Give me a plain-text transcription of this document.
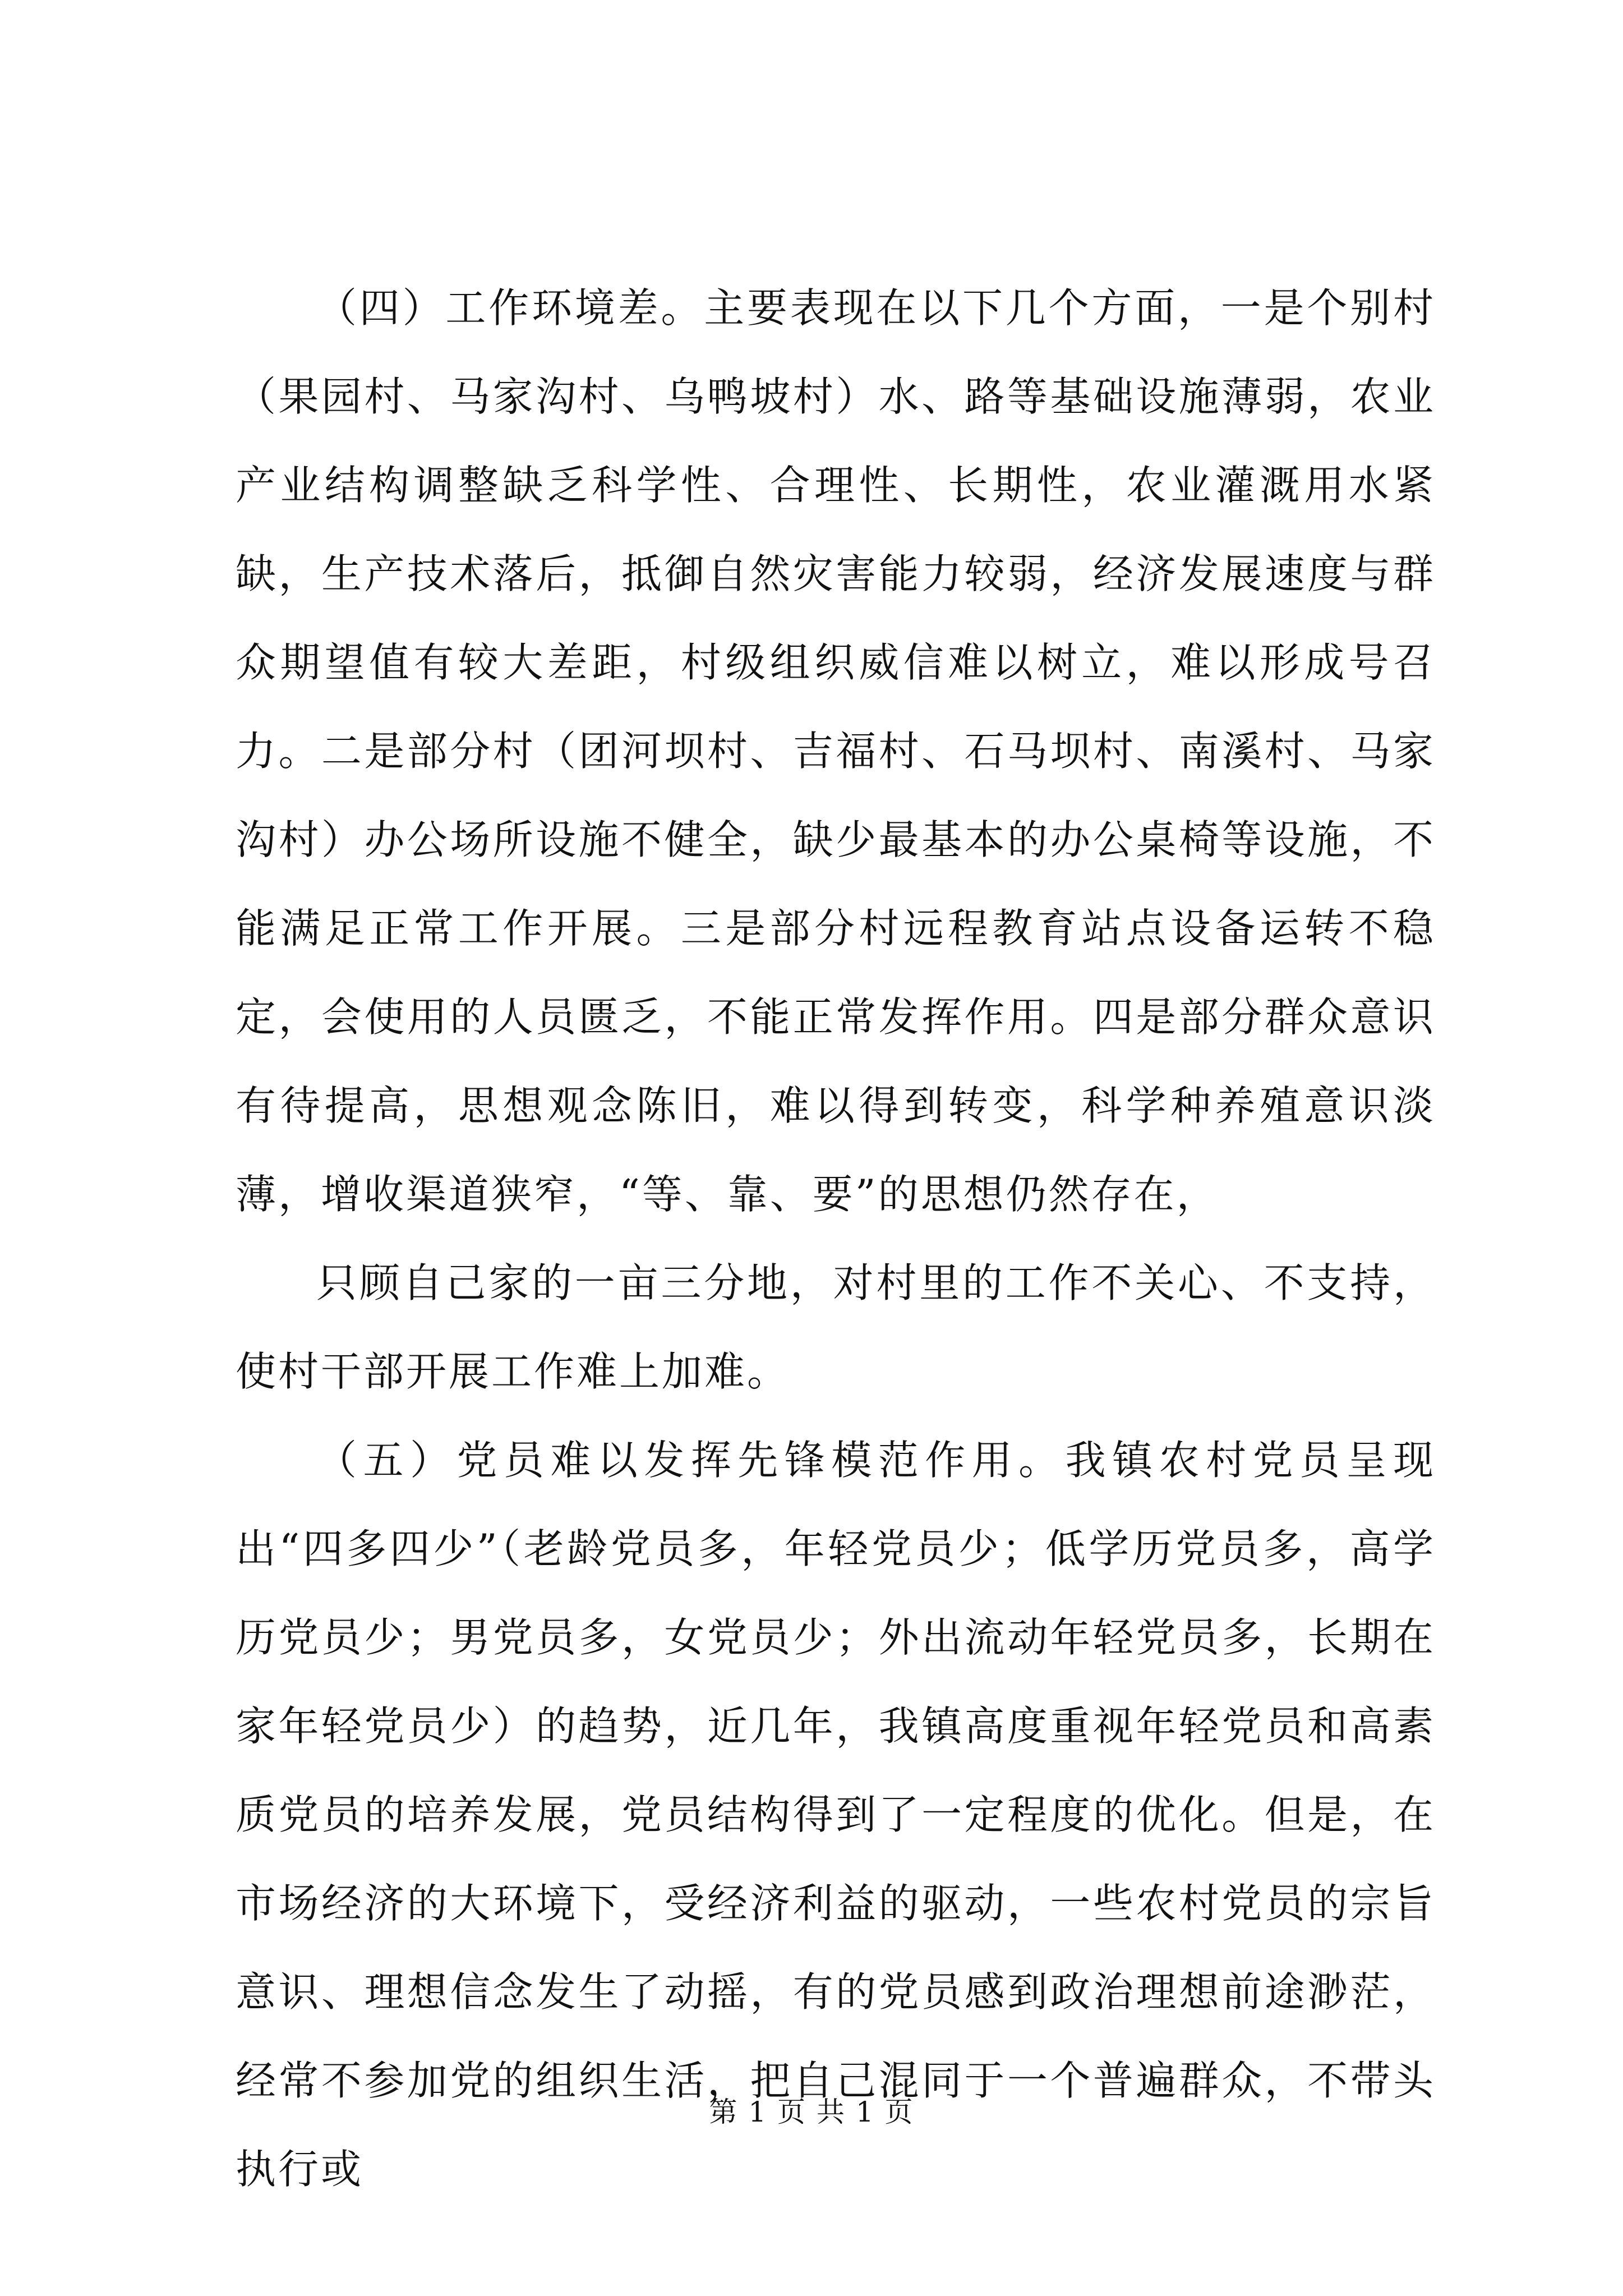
（四）工作环境差。主要表现在以下几个方面，一是个别村（果园村、马家沟村、乌鸭坡村）水、路等基础设施薄弱，农业产业结构调整缺乏科学性、合理性、长期性，农业灌溉用水紧缺，生产技术落后，抵御自然灾害能力较弱，经济发展速度与群众期望值有较大差距，村级组织威信难以树立，难以形成号召力。二是部分村（团河坝村、吉福村、石马坝村、南溪村、马家沟村）办公场所设施不健全，缺少最基本的办公桌椅等设施，不能满足正常工作开展。三是部分村远程教育站点设备运转不稳定，会使用的人员匮乏，不能正常发挥作用。四是部分群众意识有待提高，思想观念陈旧，难以得到转变，科学种养殖意识淡薄，增收渠道狭窄，“等、靠、要”的思想仍然存在，

只顾自己家的一亩三分地，对村里的工作不关心、不支持，使村干部开展工作难上加难。

（五）党员难以发挥先锋模范作用。我镇农村党员呈现出“四多四少”（老龄党员多，年轻党员少；低学历党员多，高学历党员少；男党员多，女党员少；外出流动年轻党员多，长期在家年轻党员少）的趋势，近几年，我镇高度重视年轻党员和高素质党员的培养发展，党员结构得到了一定程度的优化。但是，在市场经济的大环境下，受经济利益的驱动，一些农村党员的宗旨意识、理想信念发生了动摇，有的党员感到政治理想前途渺茫，经常不参加党的组织生活，把自己混同于一个普遍群众，不带头执行或

第 1 页 共 1 页
